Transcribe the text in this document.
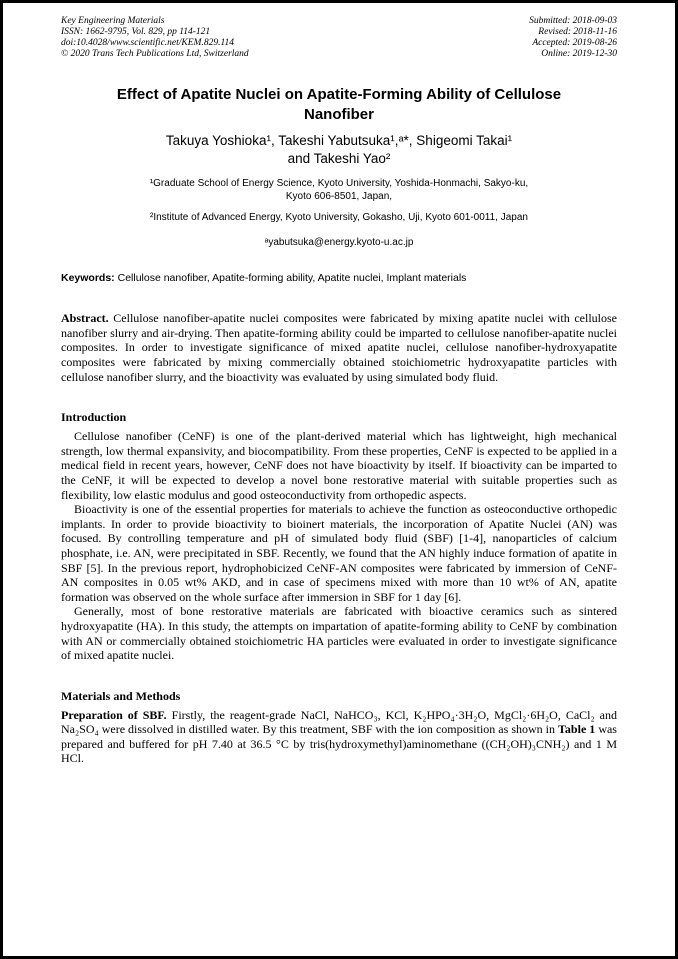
Key Engineering Materials
ISSN: 1662-9795, Vol. 829, pp 114-121
doi:10.4028/www.scientific.net/KEM.829.114
© 2020 Trans Tech Publications Ltd, Switzerland
Submitted: 2018-09-03
Revised: 2018-11-16
Accepted: 2019-08-26
Online: 2019-12-30
Effect of Apatite Nuclei on Apatite-Forming Ability of Cellulose Nanofiber
Takuya Yoshioka¹, Takeshi Yabutsuka¹,ᵃ*, Shigeomi Takai¹
and Takeshi Yao²
¹Graduate School of Energy Science, Kyoto University, Yoshida-Honmachi, Sakyo-ku, Kyoto 606-8501, Japan,
²Institute of Advanced Energy, Kyoto University, Gokasho, Uji, Kyoto 601-0011, Japan
ᵃyabutsuka@energy.kyoto-u.ac.jp
Keywords: Cellulose nanofiber, Apatite-forming ability, Apatite nuclei, Implant materials

Abstract. Cellulose nanofiber-apatite nuclei composites were fabricated by mixing apatite nuclei with cellulose nanofiber slurry and air-drying. Then apatite-forming ability could be imparted to cellulose nanofiber-apatite nuclei composites. In order to investigate significance of mixed apatite nuclei, cellulose nanofiber-hydroxyapatite composites were fabricated by mixing commercially obtained stoichiometric hydroxyapatite particles with cellulose nanofiber slurry, and the bioactivity was evaluated by using simulated body fluid.

Introduction

Cellulose nanofiber (CeNF) is one of the plant-derived material which has lightweight, high mechanical strength, low thermal expansivity, and biocompatibility. From these properties, CeNF is expected to be applied in a medical field in recent years, however, CeNF does not have bioactivity by itself. If bioactivity can be imparted to the CeNF, it will be expected to develop a novel bone restorative material with suitable properties such as flexibility, low elastic modulus and good osteoconductivity from orthopedic aspects.

Bioactivity is one of the essential properties for materials to achieve the function as osteoconductive orthopedic implants. In order to provide bioactivity to bioinert materials, the incorporation of Apatite Nuclei (AN) was focused. By controlling temperature and pH of simulated body fluid (SBF) [1-4], nanoparticles of calcium phosphate, i.e. AN, were precipitated in SBF. Recently, we found that the AN highly induce formation of apatite in SBF [5]. In the previous report, hydrophobicized CeNF-AN composites were fabricated by immersion of CeNF-AN composites in 0.05 wt% AKD, and in case of specimens mixed with more than 10 wt% of AN, apatite formation was observed on the whole surface after immersion in SBF for 1 day [6].

Generally, most of bone restorative materials are fabricated with bioactive ceramics such as sintered hydroxyapatite (HA). In this study, the attempts on impartation of apatite-forming ability to CeNF by combination with AN or commercially obtained stoichiometric HA particles were evaluated in order to investigate significance of mixed apatite nuclei.

Materials and Methods

Preparation of SBF. Firstly, the reagent-grade NaCl, NaHCO₃, KCl, K₂HPO₄·3H₂O, MgCl₂·6H₂O, CaCl₂ and Na₂SO₄ were dissolved in distilled water. By this treatment, SBF with the ion composition as shown in Table 1 was prepared and buffered for pH 7.40 at 36.5 °C by tris(hydroxymethyl)aminomethane ((CH₂OH)₃CNH₂) and 1 M HCl.
